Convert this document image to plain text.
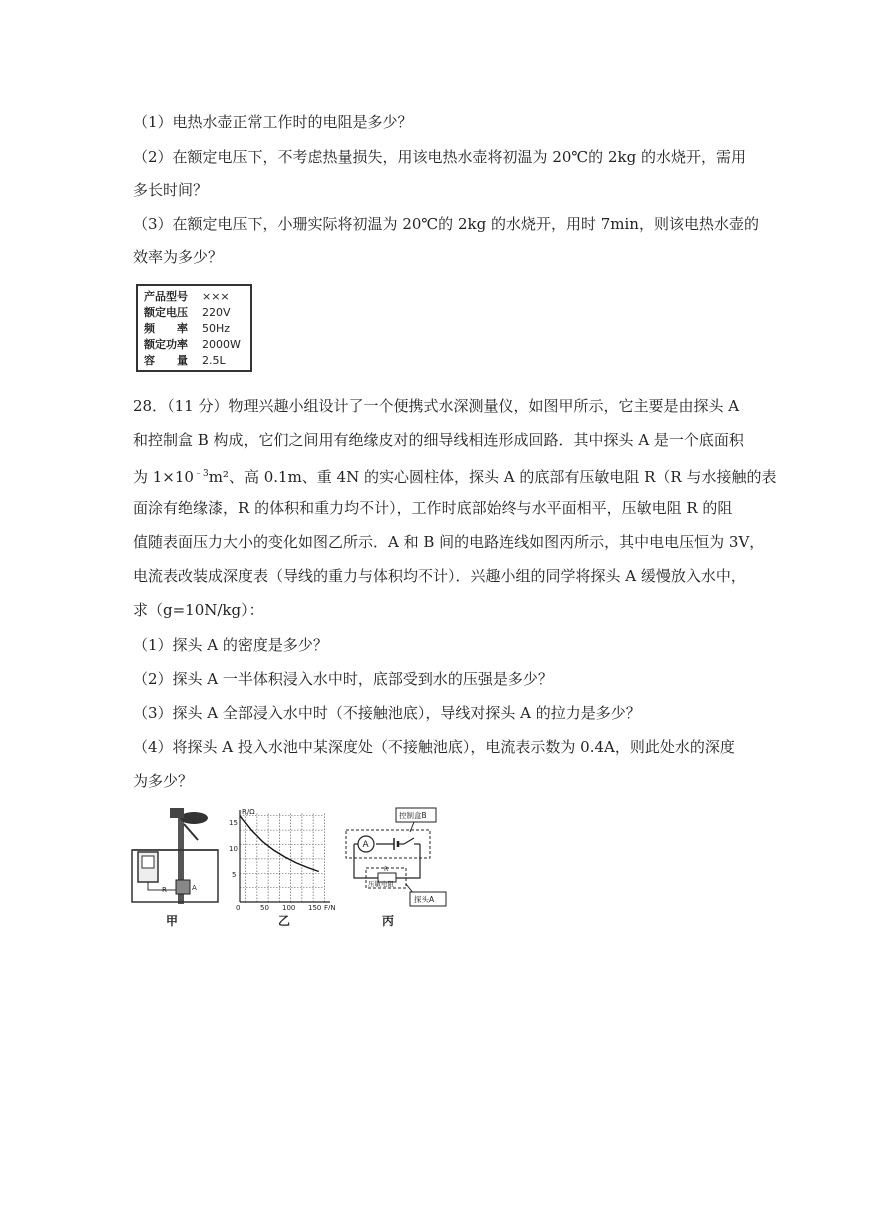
（1）电热水壶正常工作时的电阻是多少？
（2）在额定电压下，不考虑热量损失，用该电热水壶将初温为 20℃的 2kg 的水烧开，需用
多长时间？
（3）在额定电压下，小珊实际将初温为 20℃的 2kg 的水烧开，用时 7min，则该电热水壶的
效率为多少？
产品型号	×××
额定电压	220V
频　　率	50Hz
额定功率	2000W
容　　量	2.5L
28．（11 分）物理兴趣小组设计了一个便携式水深测量仪，如图甲所示，它主要是由探头 A
和控制盒 B 构成，它们之间用有绝缘皮对的细导线相连形成回路．其中探头 A 是一个底面积
为 $1\times 10^{﹣3}m^2$、高 0.1m、重 4N 的实心圆柱体，探头 A 的底部有压敏电阻 R（R 与水接触的表
面涂有绝缘漆，R 的体积和重力均不计），工作时底部始终与水平面相平，压敏电阻 R 的阻
值随表面压力大小的变化如图乙所示．A 和 B 间的电路连线如图丙所示，其中电电压恒为 3V，
电流表改装成深度表（导线的重力与体积均不计）．兴趣小组的同学将探头 A 缓慢放入水中，
求（g=10N/kg）：
（1）探头 A 的密度是多少？
（2）探头 A 一半体积浸入水中时，底部受到水的压强是多少？
（3）探头 A 全部浸入水中时（不接触池底），导线对探头 A 的拉力是多少？
（4）将探头 A 投入水池中某深度处（不接触池底），电流表示数为 0.4A，则此处水的深度
为多少？
R	A
甲
R/Ω
F/N
15
10
5
0	50 100 150
乙
控制盒B
A
R
压敏电阻
探头A
丙
